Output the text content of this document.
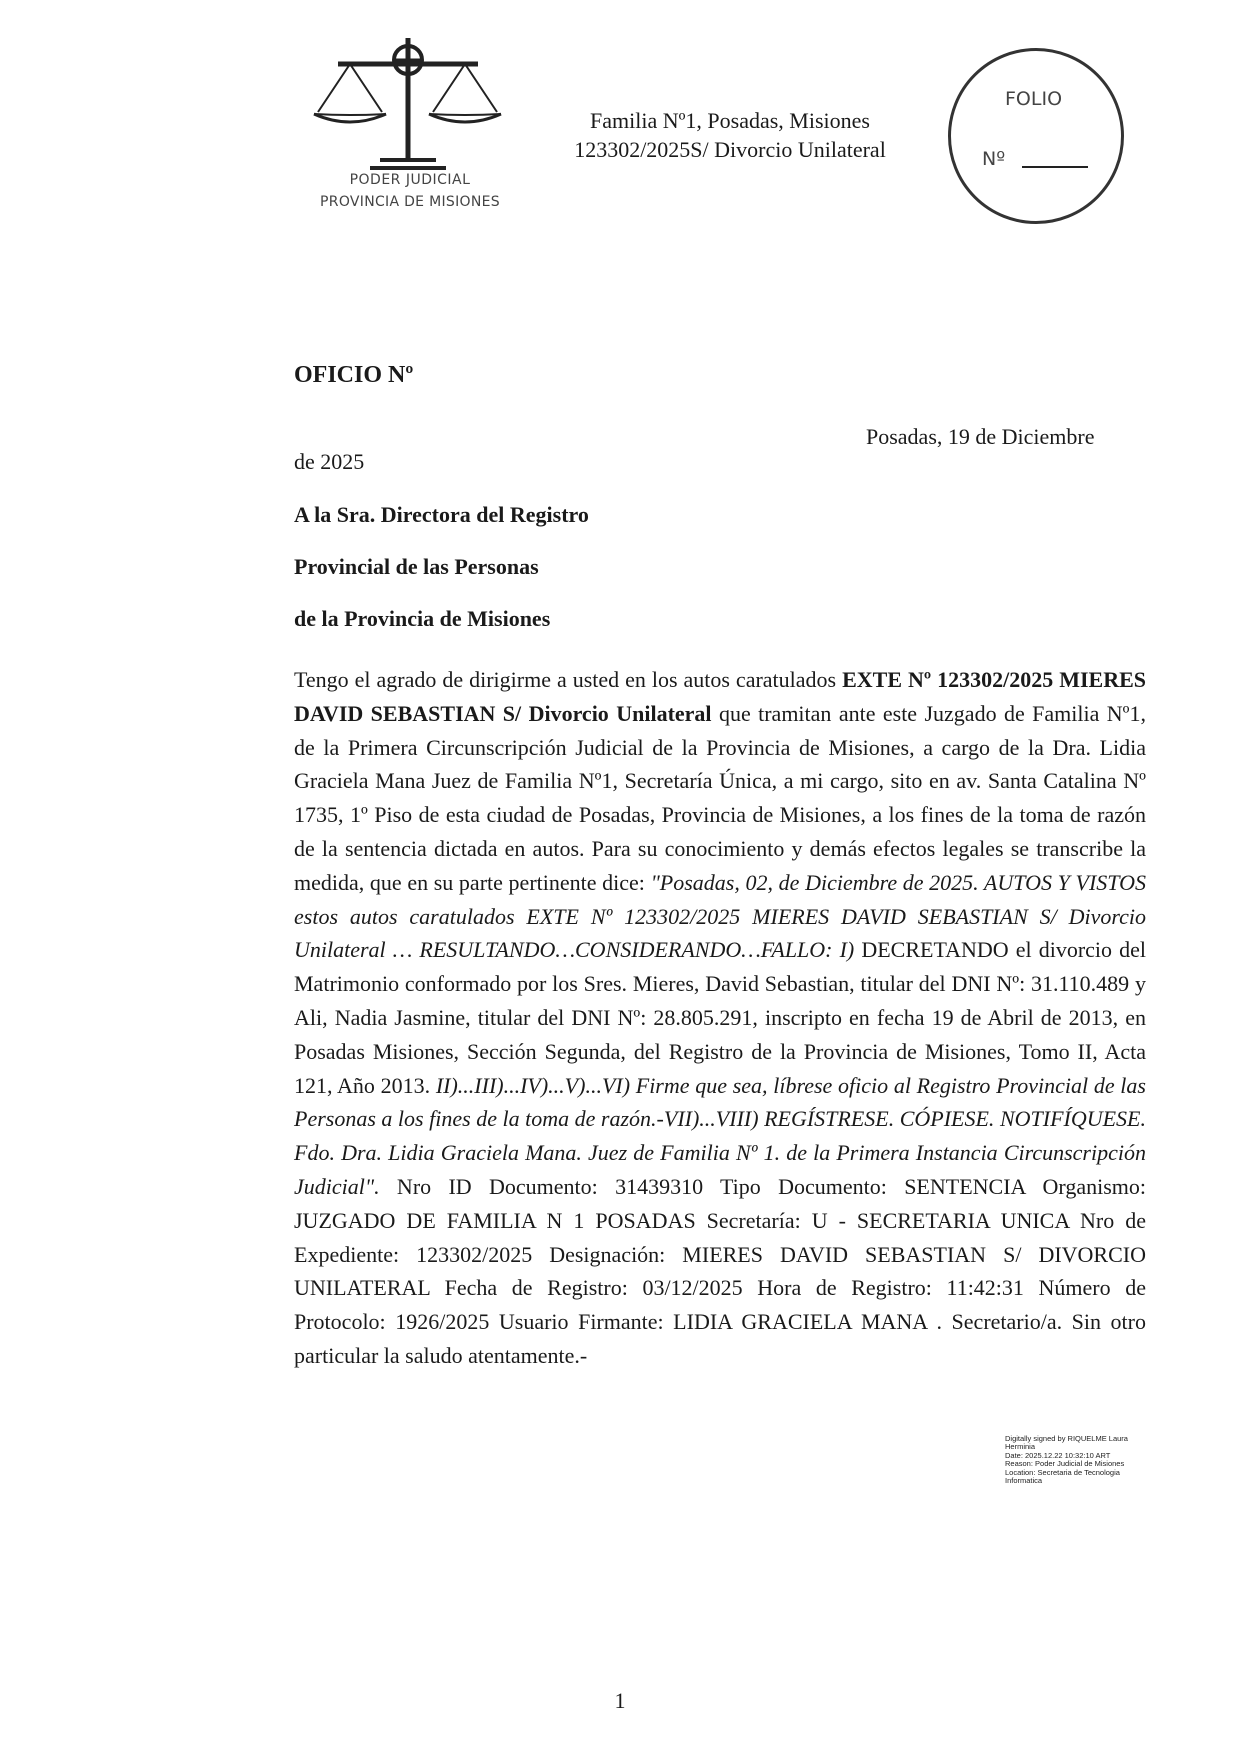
PODER JUDICIAL
PROVINCIA DE MISIONES
Familia Nº1, Posadas, Misiones
123302/2025S/ Divorcio Unilateral
FOLIO
Nº
OFICIO Nº
Posadas, 19 de Diciembre
de 2025
A la Sra. Directora del Registro
Provincial de las Personas
de la Provincia de Misiones
Tengo el agrado de dirigirme a usted en los autos caratulados EXTE Nº 123302/2025 MIERES DAVID SEBASTIAN S/ Divorcio Unilateral que tramitan ante este Juzgado de Familia Nº1, de la Primera Circunscripción Judicial de la Provincia de Misiones, a cargo de la Dra. Lidia Graciela Mana Juez de Familia Nº1, Secretaría Única, a mi cargo, sito en av. Santa Catalina Nº 1735, 1º Piso de esta ciudad de Posadas, Provincia de Misiones, a los fines de la toma de razón de la sentencia dictada en autos. Para su conocimiento y demás efectos legales se transcribe la medida, que en su parte pertinente dice: "Posadas, 02, de Diciembre de 2025. AUTOS Y VISTOS estos autos caratulados EXTE Nº 123302/2025 MIERES DAVID SEBASTIAN S/ Divorcio Unilateral … RESULTANDO…CONSIDERANDO…FALLO: I) DECRETANDO el divorcio del Matrimonio conformado por los Sres. Mieres, David Sebastian, titular del DNI Nº: 31.110.489 y Ali, Nadia Jasmine, titular del DNI Nº: 28.805.291, inscripto en fecha 19 de Abril de 2013, en Posadas Misiones, Sección Segunda, del Registro de la Provincia de Misiones, Tomo II, Acta 121, Año 2013. II)...III)...IV)...V)...VI) Firme que sea, líbrese oficio al Registro Provincial de las Personas a los fines de la toma de razón.-VII)...VIII) REGÍSTRESE. CÓPIESE. NOTIFÍQUESE. Fdo. Dra. Lidia Graciela Mana. Juez de Familia Nº 1. de la Primera Instancia Circunscripción Judicial". Nro ID Documento: 31439310 Tipo Documento: SENTENCIA Organismo: JUZGADO DE FAMILIA N 1 POSADAS Secretaría: U - SECRETARIA UNICA Nro de Expediente: 123302/2025 Designación: MIERES DAVID SEBASTIAN S/ DIVORCIO UNILATERAL Fecha de Registro: 03/12/2025 Hora de Registro: 11:42:31 Número de Protocolo: 1926/2025 Usuario Firmante: LIDIA GRACIELA MANA . Secretario/a. Sin otro particular la saludo atentamente.-
Digitally signed by RIQUELME Laura
Herminia
Date: 2025.12.22 10:32:10 ART
Reason: Poder Judicial de Misiones
Location: Secretaria de Tecnologia
Informatica
1
